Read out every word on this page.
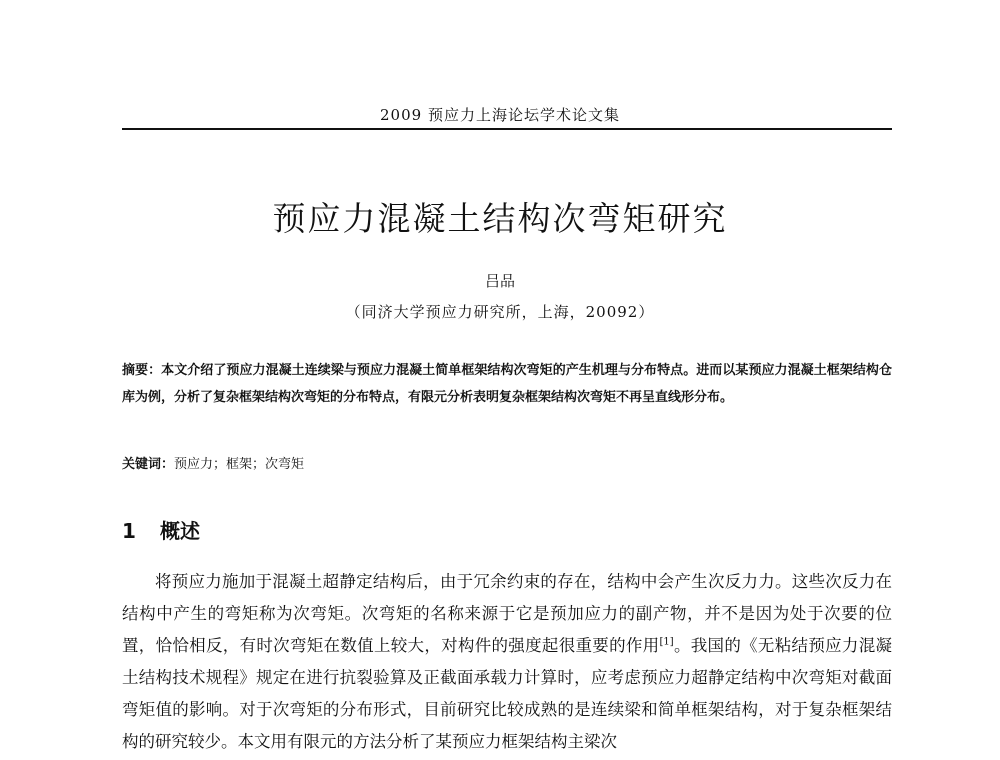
2009 预应力上海论坛学术论文集
预应力混凝土结构次弯矩研究
吕品
（同济大学预应力研究所，上海，20092）
摘要：本文介绍了预应力混凝土连续梁与预应力混凝土简单框架结构次弯矩的产生机理与分布特点。进而以某预应力混凝土框架结构仓库为例，分析了复杂框架结构次弯矩的分布特点，有限元分析表明复杂框架结构次弯矩不再呈直线形分布。
关键词：预应力；框架；次弯矩
1 概述
将预应力施加于混凝土超静定结构后，由于冗余约束的存在，结构中会产生次反力力。这些次反力在结构中产生的弯矩称为次弯矩。次弯矩的名称来源于它是预加应力的副产物，并不是因为处于次要的位置，恰恰相反，有时次弯矩在数值上较大，对构件的强度起很重要的作用[1]。我国的《无粘结预应力混凝土结构技术规程》规定在进行抗裂验算及正截面承载力计算时，应考虑预应力超静定结构中次弯矩对截面弯矩值的影响。对于次弯矩的分布形式，目前研究比较成熟的是连续梁和简单框架结构，对于复杂框架结构的研究较少。本文用有限元的方法分析了某预应力框架结构主梁次
